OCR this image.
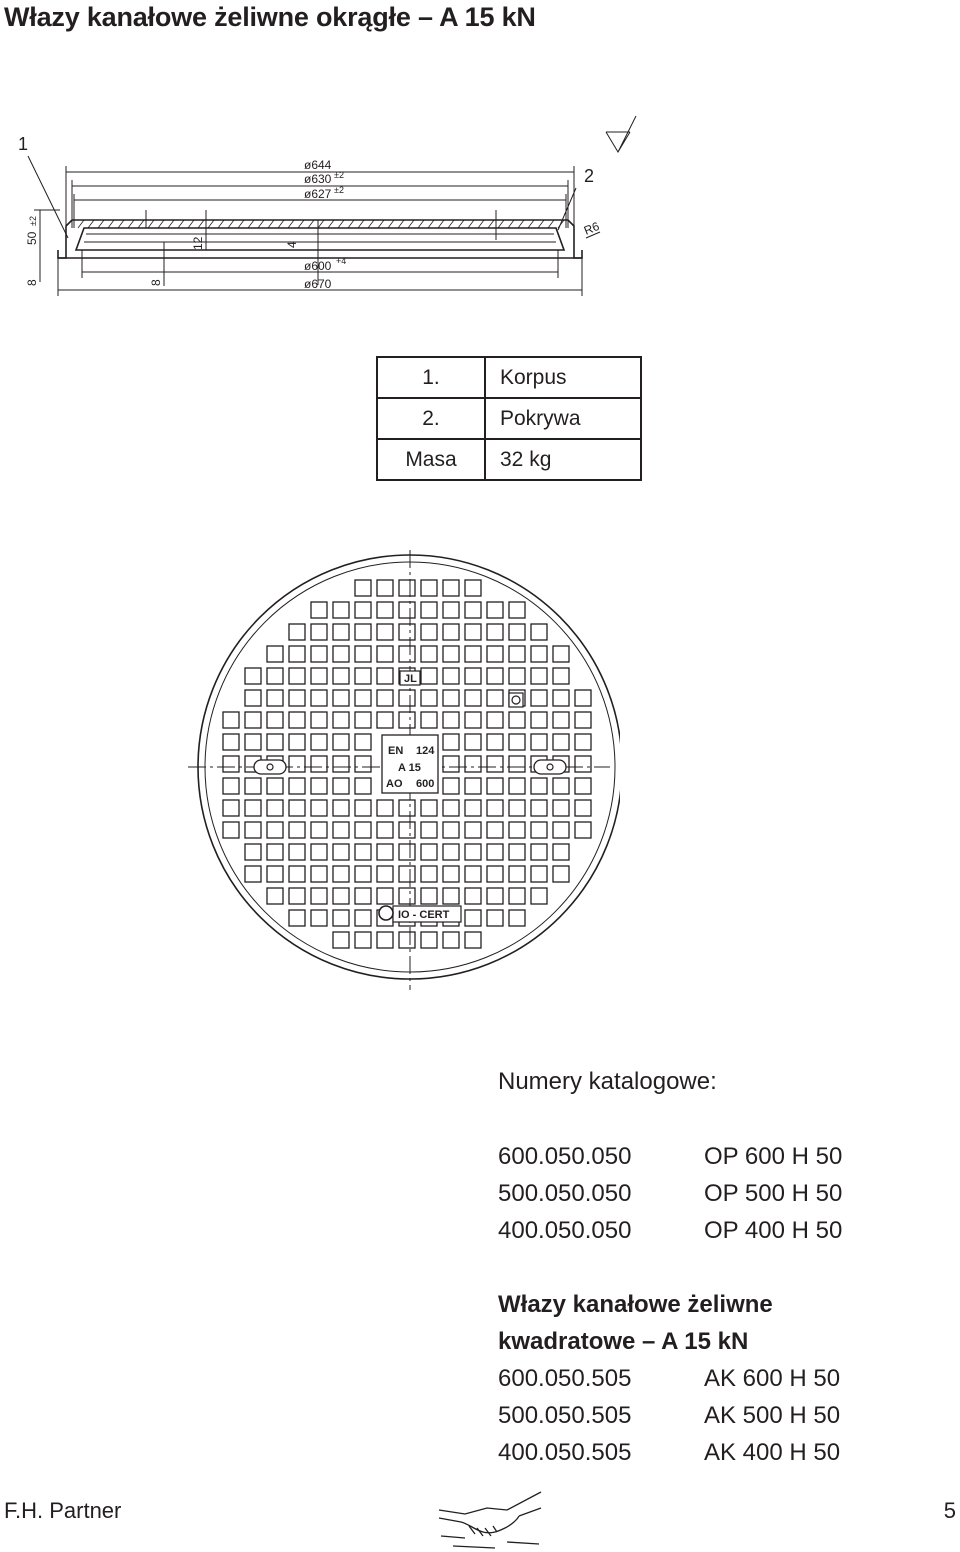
Włazy kanałowe żeliwne okrągłe – A 15 kN
1
2
ø644
ø630 ±2
ø627 ±2
ø600 +4
ø670
R6
50
±2
8	8
12	4
1.	Korpus
2.	Pokrywa
Masa	32 kg
JL
EN 124
A 15
AO 600
IO - CERT
Numery katalogowe:
600.050.050	OP 600 H 50
500.050.050	OP 500 H 50
400.050.050	OP 400 H 50
Włazy kanałowe żeliwne
kwadratowe – A 15 kN
600.050.505	AK 600 H 50
500.050.505	AK 500 H 50
400.050.505	AK 400 H 50
F.H. Partner	5
